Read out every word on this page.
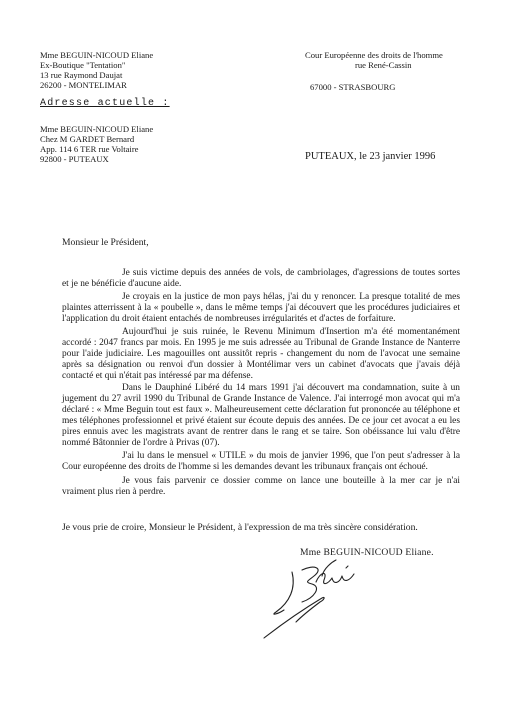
Mme BEGUIN-NICOUD Eliane
Ex-Boutique "Tentation"
13 rue Raymond Daujat
26200 - MONTELIMAR
Adresse actuelle :
Mme BEGUIN-NICOUD Eliane
Chez M GARDET Bernard
App. 114 6 TER rue Voltaire
92800 - PUTEAUX
Cour Européenne des droits de l'homme
rue René-Cassin
67000 - STRASBOURG
PUTEAUX, le 23 janvier 1996
Monsieur le Président,

Je suis victime depuis des années de vols, de cambriolages, d'agressions de toutes sortes et je ne bénéficie d'aucune aide.

Je croyais en la justice de mon pays hélas, j'ai du y renoncer. La presque totalité de mes plaintes atterrissent à la « poubelle », dans le même temps j'ai découvert que les procédures judiciaires et l'application du droit étaient entachés de nombreuses irrégularités et d'actes de forfaiture.

Aujourd'hui je suis ruinée, le Revenu Minimum d'Insertion m'a été momentanément accordé : 2047 francs par mois. En 1995 je me suis adressée au Tribunal de Grande Instance de Nanterre pour l'aide judiciaire. Les magouilles ont aussitôt repris - changement du nom de l'avocat une semaine après sa désignation ou renvoi d'un dossier à Montélimar vers un cabinet d'avocats que j'avais déjà contacté et qui n'était pas intéressé par ma défense.

Dans le Dauphiné Libéré du 14 mars 1991 j'ai découvert ma condamnation, suite à un jugement du 27 avril 1990 du Tribunal de Grande Instance de Valence. J'ai interrogé mon avocat qui m'a déclaré : « Mme Beguin tout est faux ». Malheureusement cette déclaration fut prononcée au téléphone et mes téléphones professionnel et privé étaient sur écoute depuis des années. De ce jour cet avocat a eu les pires ennuis avec les magistrats avant de rentrer dans le rang et se taire. Son obéissance lui valu d'être nommé Bâtonnier de l'ordre à Privas (07).

J'ai lu dans le mensuel « UTILE » du mois de janvier 1996, que l'on peut s'adresser à la Cour européenne des droits de l'homme si les demandes devant les tribunaux français ont échoué.

Je vous fais parvenir ce dossier comme on lance une bouteille à la mer car je n'ai vraiment plus rien à perdre.

Je vous prie de croire, Monsieur le Président, à l'expression de ma très sincère considération.
Mme BEGUIN-NICOUD Eliane.
